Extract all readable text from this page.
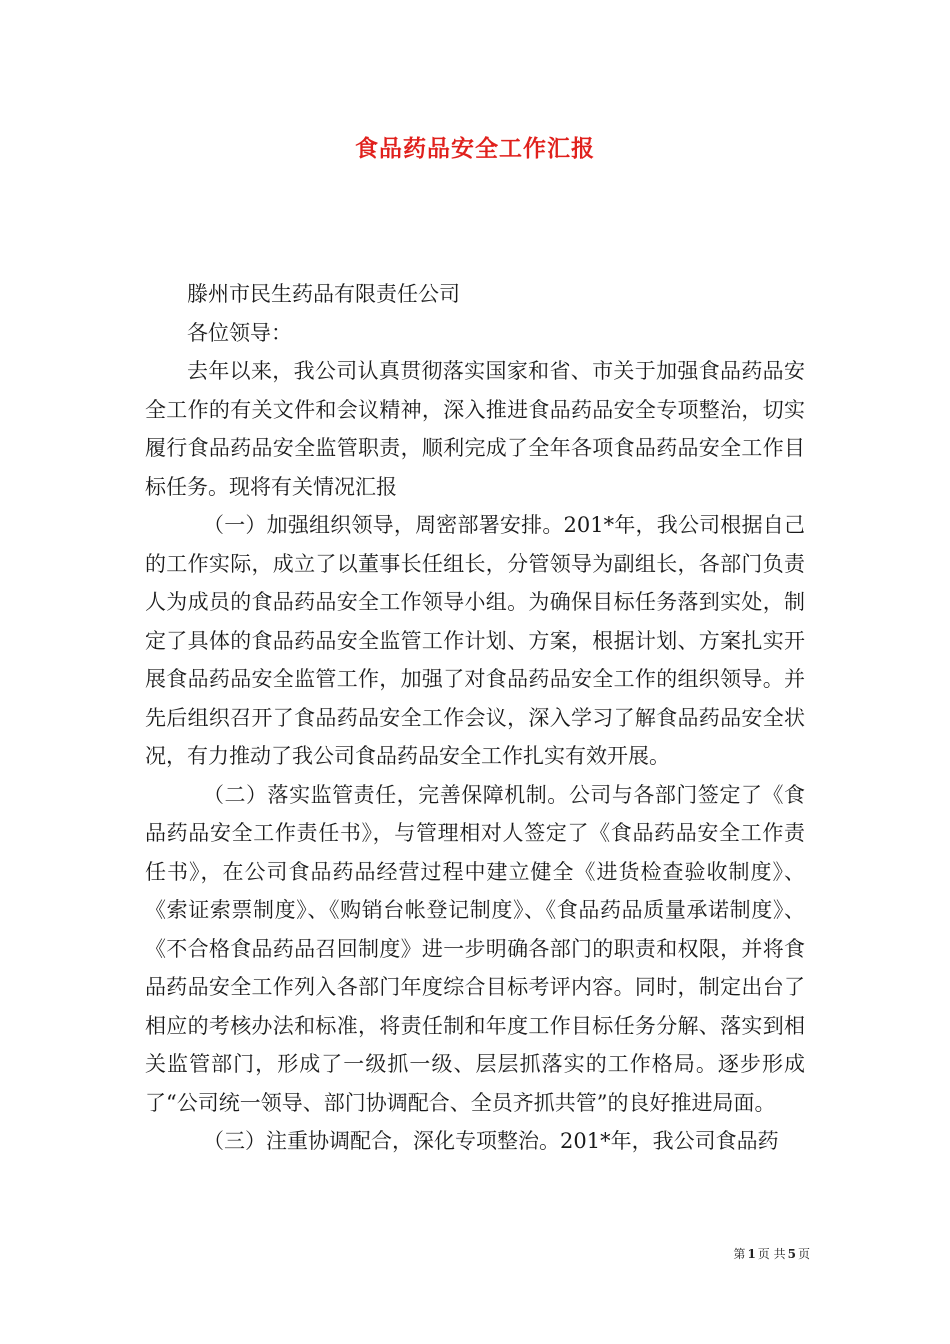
食品药品安全工作汇报

滕州市民生药品有限责任公司

各位领导：

去年以来，我公司认真贯彻落实国家和省、市关于加强食品药品安全工作的有关文件和会议精神，深入推进食品药品安全专项整治，切实履行食品药品安全监管职责，顺利完成了全年各项食品药品安全工作目标任务。现将有关情况汇报

（一）加强组织领导，周密部署安排。201*年，我公司根据自己的工作实际，成立了以董事长任组长，分管领导为副组长，各部门负责人为成员的食品药品安全工作领导小组。为确保目标任务落到实处，制定了具体的食品药品安全监管工作计划、方案，根据计划、方案扎实开展食品药品安全监管工作，加强了对食品药品安全工作的组织领导。并先后组织召开了食品药品安全工作会议，深入学习了解食品药品安全状况，有力推动了我公司食品药品安全工作扎实有效开展。

（二）落实监管责任，完善保障机制。公司与各部门签定了《食品药品安全工作责任书》，与管理相对人签定了《食品药品安全工作责任书》，在公司食品药品经营过程中建立健全《进货检查验收制度》、《索证索票制度》、《购销台帐登记制度》、《食品药品质量承诺制度》、《不合格食品药品召回制度》进一步明确各部门的职责和权限，并将食品药品安全工作列入各部门年度综合目标考评内容。同时，制定出台了相应的考核办法和标准，将责任制和年度工作目标任务分解、落实到相关监管部门，形成了一级抓一级、层层抓落实的工作格局。逐步形成了“公司统一领导、部门协调配合、全员齐抓共管”的良好推进局面。

（三）注重协调配合，深化专项整治。201*年，我公司食品药

第 1 页 共 5 页
